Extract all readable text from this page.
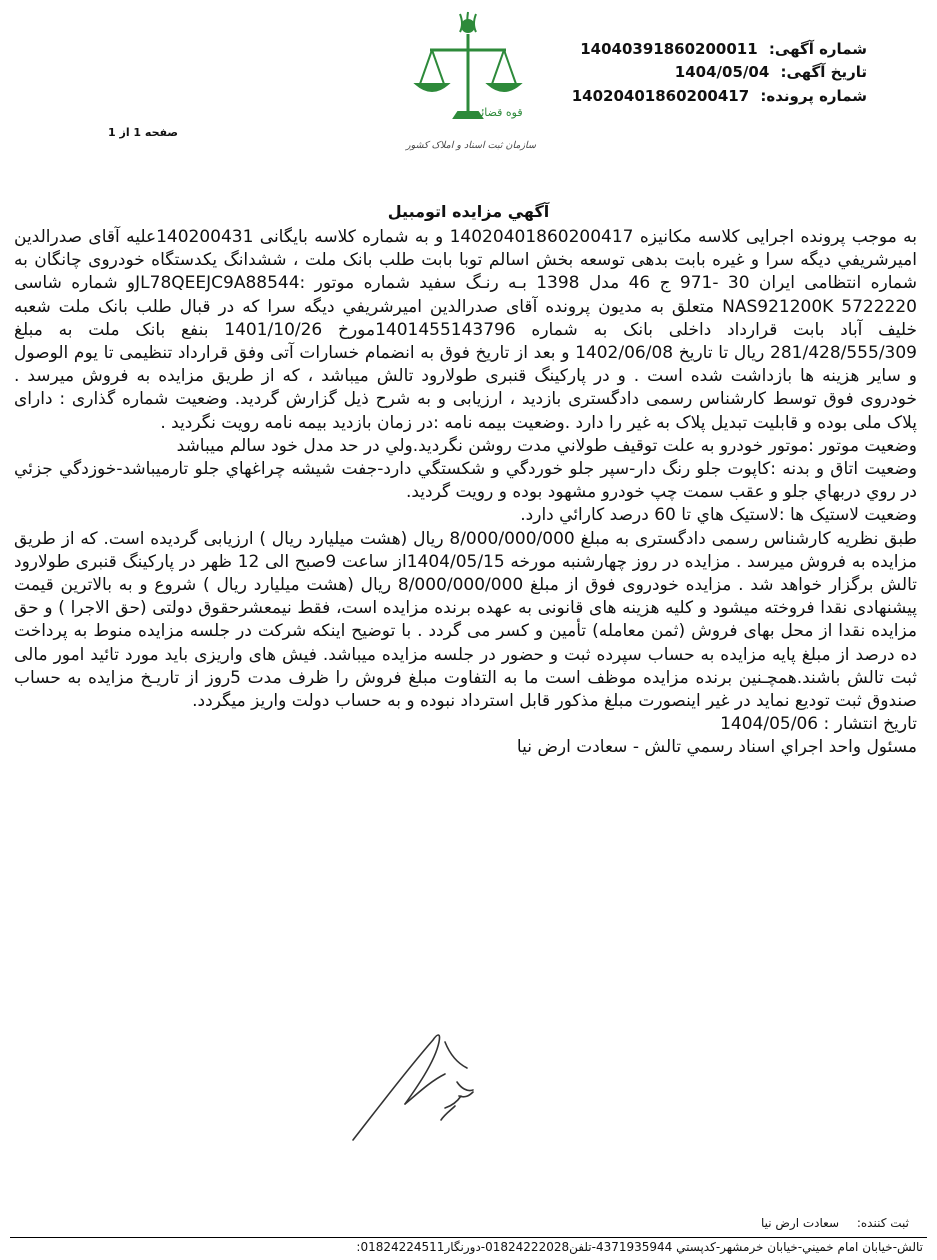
شماره آگهی: 14040391860200011
تاریخ آگهی: 1404/05/04
شماره پرونده: 14020401860200417
قوه قضائیه
سازمان ثبت اسناد و املاک کشور
صفحه 1 از 1
آگهي مزايده اتومبيل

به موجب پرونده اجرایی کلاسه مکانیزه 14020401860200417 و به شماره کلاسه بایگانی 140200431علیه آقای صدرالدین امیرشریفي دیگه سرا و غیره بابت بدهی توسعه بخش اسالم توبا بابت طلب بانک ملت ، ششدانگ یکدستگاه خودروی چانگان به شماره انتظامی ایران 30 -971 ج 46 مدل 1398 بـه رنـگ سفید شماره موتور :JL78QEEJC9A88544و شماره شاسی NAS921200K 5722220 متعلق به مدیون پرونده آقای صدرالدین امیرشریفي دیگه سرا که در قبال طلب بانک ملت شعبه خلیف آباد بابت قرارداد داخلی بانک به شماره 1401455143796مورخ 1401/10/26 بنفع بانک ملت به مبلغ 281/428/555/309 ریال تا تاریخ 1402/06/08 و بعد از تاریخ فوق به انضمام خسارات آتی وفق قرارداد تنظیمی تا یوم الوصول و سایر هزینه ها بازداشت شده است . و در پارکینگ قنبری طولارود تالش میباشد ، که از طریق مزایده به فروش میرسد . خودروی فوق توسط کارشناس رسمی دادگستری بازدید ، ارزیابی و به شرح ذیل گزارش گردید. وضعیت شماره گذاری : دارای پلاک ملی بوده و قابلیت تبدیل پلاک به غیر را دارد .وضعیت بیمه نامه :در زمان بازدید بیمه نامه رویت نگردید .

وضعیت موتور :موتور خودرو به علت توقیف طولاني مدت روشن نگردید.ولي در حد مدل خود سالم میباشد

وضعیت اتاق و بدنه :کاپوت جلو رنگ دار-سپر جلو خوردگي و شکستگي دارد-جفت شیشه چراغهاي جلو تارمیباشد-خوزدگي جزئي در روي دربهاي جلو و عقب سمت چپ خودرو مشهود بوده و رویت گردید.

وضعیت لاستیک ها :لاستیک هاي تا 60 درصد کارائي دارد.

طبق نظریه کارشناس رسمی دادگستری به مبلغ 8/000/000/000 ریال (هشت میلیارد ریال ) ارزیابی گردیده است. که از طریق مزایده به فروش میرسد . مزایده در روز چهارشنبه مورخه 1404/05/15از ساعت 9صبح الی 12 ظهر در پارکینگ قنبری طولارود تالش برگزار خواهد شد . مزایده خودروی فوق از مبلغ 8/000/000/000 ریال (هشت میلیارد ریال ) شروع و به بالاترین قیمت پیشنهادی نقدا فروخته میشود و کلیه هزینه های قانونی به عهده برنده مزایده است، فقط نیمعشرحقوق دولتی (حق الاجرا ) و حق مزایده نقدا از محل بهای فروش (ثمن معامله) تأمین و کسر می گردد . با توضیح اینکه شرکت در جلسه مزایده منوط به پرداخت ده درصد از مبلغ پایه مزایده به حساب سپرده ثبت و حضور در جلسه مزایده میباشد. فیش های واریزی باید مورد تائید امور مالی ثبت تالش باشند.همچـنین برنده مزایده موظف است ما به التفاوت مبلغ فروش را ظرف مدت 5روز از تاریـخ مزایده به حساب صندوق ثبت تودیع نماید در غیر اینصورت مبلغ مذکور قابل استرداد نبوده و به حساب دولت واریز میگردد.

تاریخ انتشار : 1404/05/06

مسئول واحد اجراي اسناد رسمي تالش - سعادت ارض نیا

ثبت کننده: سعادت ارض نیا
تالش-خیابان امام خمیني-خیابان خرمشهر-کدپستي 4371935944-تلفن01824222028-دورنگار01824224511:
